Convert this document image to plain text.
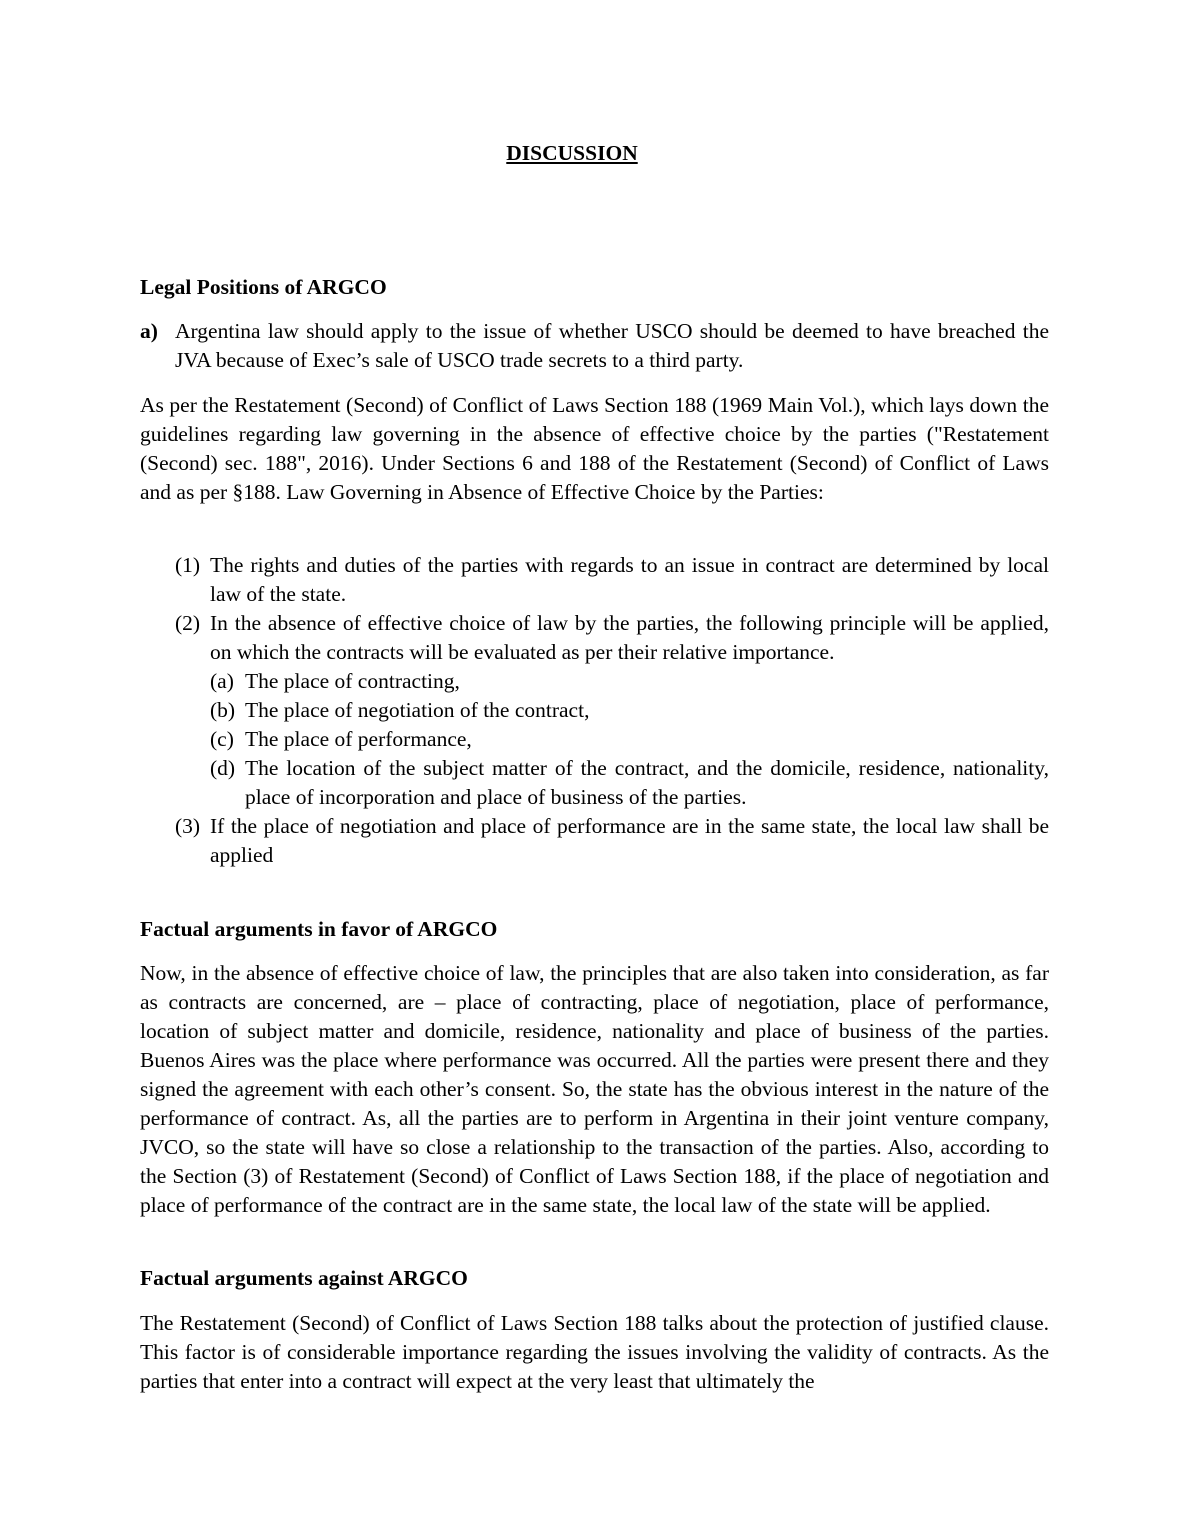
DISCUSSION
Legal Positions of ARGCO
a) Argentina law should apply to the issue of whether USCO should be deemed to have breached the JVA because of Exec’s sale of USCO trade secrets to a third party.

As per the Restatement (Second) of Conflict of Laws Section 188 (1969 Main Vol.), which lays down the guidelines regarding law governing in the absence of effective choice by the parties ("Restatement (Second) sec. 188", 2016). Under Sections 6 and 188 of the Restatement (Second) of Conflict of Laws and as per §188. Law Governing in Absence of Effective Choice by the Parties:

(1) The rights and duties of the parties with regards to an issue in contract are determined by local law of the state.
(2) In the absence of effective choice of law by the parties, the following principle will be applied, on which the contracts will be evaluated as per their relative importance.
(a) The place of contracting,
(b) The place of negotiation of the contract,
(c) The place of performance,
(d) The location of the subject matter of the contract, and the domicile, residence, nationality, place of incorporation and place of business of the parties.
(3) If the place of negotiation and place of performance are in the same state, the local law shall be applied
Factual arguments in favor of ARGCO

Now, in the absence of effective choice of law, the principles that are also taken into consideration, as far as contracts are concerned, are – place of contracting, place of negotiation, place of performance, location of subject matter and domicile, residence, nationality and place of business of the parties. Buenos Aires was the place where performance was occurred. All the parties were present there and they signed the agreement with each other’s consent. So, the state has the obvious interest in the nature of the performance of contract. As, all the parties are to perform in Argentina in their joint venture company, JVCO, so the state will have so close a relationship to the transaction of the parties. Also, according to the Section (3) of Restatement (Second) of Conflict of Laws Section 188, if the place of negotiation and place of performance of the contract are in the same state, the local law of the state will be applied.

Factual arguments against ARGCO

The Restatement (Second) of Conflict of Laws Section 188 talks about the protection of justified clause. This factor is of considerable importance regarding the issues involving the validity of contracts. As the parties that enter into a contract will expect at the very least that ultimately the
